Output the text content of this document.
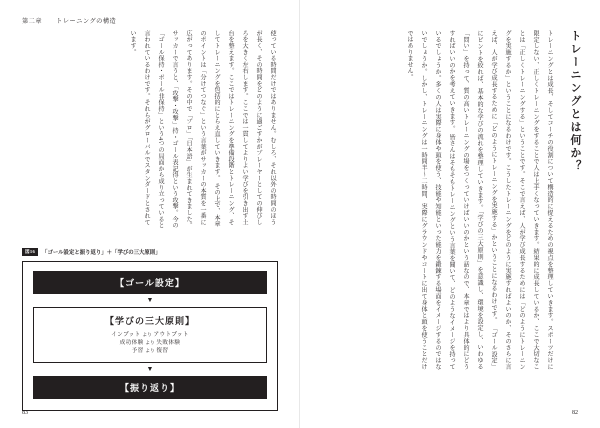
第二章 トレーニングの構造
使っている時間だけではありません。むしろ、それ以外の時間のほうが長く、その時間をどのように過ごすかがプレーヤーとしての伸びしろを大きく左右します。ここでは一貫してよりよい学びを引き出す土台を整えます。ここではトレーニングを準備段階とトレーニング、そしてトレーニングを包括的にとらえ直していきます。 その上で、本章のポイントは「分けてつなぐ」という言葉がサッカーの本質を一番に広がってあります。その中で「プロ」「日本語」が生まれてきました。サッカーで言うと、「攻撃・攻撃」持・ゴール表記得という攻撃。今の「ゴール保持・ボール非保持」という4つの局面から成り立っていると言われているわけです。それらがグローバルでスタンダードとされています。
図16	「ゴール設定と振り返り」＋「学びの三大原則」
【ゴール設定】
▼
【学びの三大原則】
インプット より アウトプット
成功体験 より 失敗体験
予習 より 復習
▼
【振り返り】
83
トレーニングとは何か？
トレーニングとは成長、そしてコーチの役割について構造的に捉えるための視点を整理していきます。スポーツだけに限定しない、正しくトレーニングをすることで人は上手くなっていきます。結果的に成長しているか、ここで大切なことは「正しくトレーニングする」ということです。そこで言えば、人が学び成長するためには「どのようにトレーニングを実施するか」ということになるわけです。こうしたトレーニングをどのように実施すればよいのか、そのさらに言えば、人が学び成長するために「どのようにトレーニングを実施する」かということになるわけです。 「ゴール設定」にピントを絞れば、基本的な学びの流れを整理していきます。「学びの三大原則」を意識し、環境を設定し、いわゆる「問い」を持って、質の高いトレーニングの場をつくっていけばいいのかという話なので、本章ではより具体的にどうすればいいのかを考えていきます。 皆さんはそもそもトレーニングという言葉を聞いて、どのようなイメージを持っているでしょうか。多くの人は実際に身体や頭を使う、技能や知能といった能力を鍛錬する場面をイメージするのではないでしょうか。しかし、トレーニングは一時間半〜二時間、実際にグラウンドやコートに出て身体と頭を使うことだけではありません。
82
